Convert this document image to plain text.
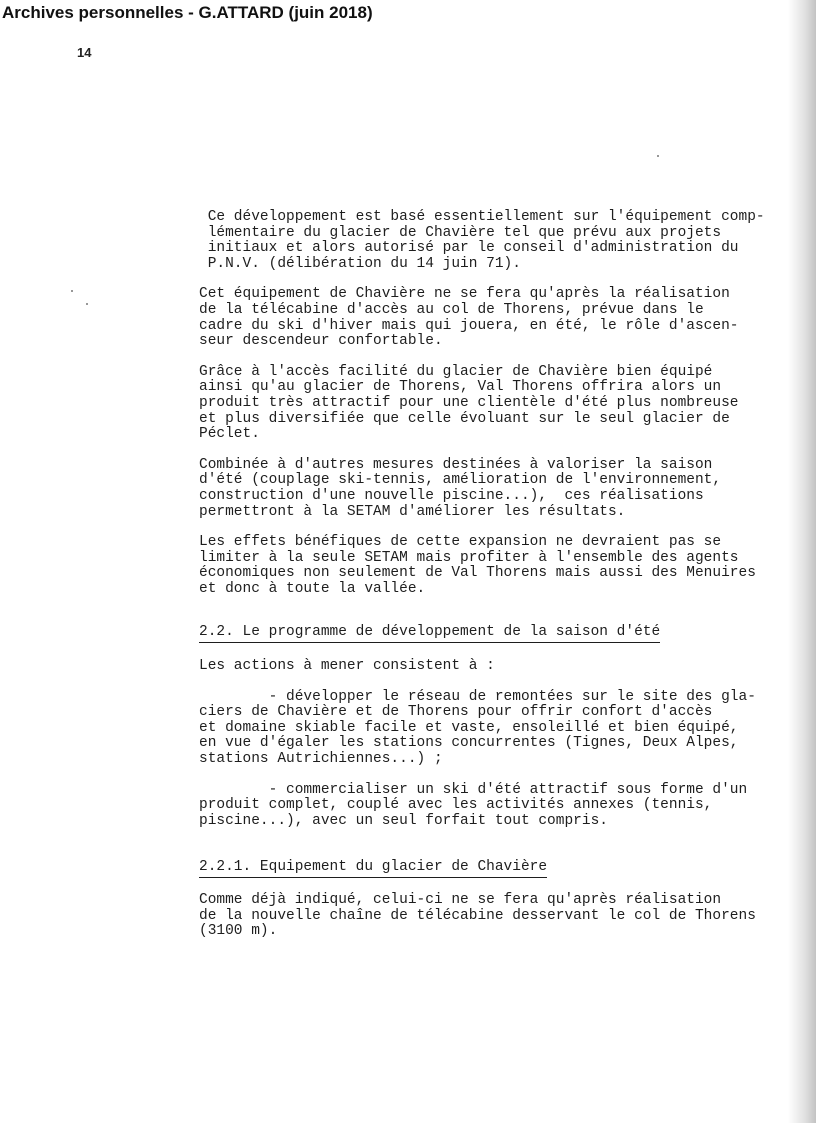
Archives personnelles - G.ATTARD (juin 2018)
14
Ce développement est basé essentiellement sur l'équipement comp-
lémentaire du glacier de Chavière tel que prévu aux projets
initiaux et alors autorisé par le conseil d'administration du
P.N.V. (délibération du 14 juin 71).
Cet équipement de Chavière ne se fera qu'après la réalisation
de la télécabine d'accès au col de Thorens, prévue dans le
cadre du ski d'hiver mais qui jouera, en été, le rôle d'ascen-
seur descendeur confortable.
Grâce à l'accès facilité du glacier de Chavière bien équipé
ainsi qu'au glacier de Thorens, Val Thorens offrira alors un
produit très attractif pour une clientèle d'été plus nombreuse
et plus diversifiée que celle évoluant sur le seul glacier de
Péclet.
Combinée à d'autres mesures destinées à valoriser la saison
d'été (couplage ski-tennis, amélioration de l'environnement,
construction d'une nouvelle piscine...),  ces réalisations
permettront à la SETAM d'améliorer les résultats.
Les effets bénéfiques de cette expansion ne devraient pas se
limiter à la seule SETAM mais profiter à l'ensemble des agents
économiques non seulement de Val Thorens mais aussi des Menuires
et donc à toute la vallée.
2.2. Le programme de développement de la saison d'été
Les actions à mener consistent à :
- développer le réseau de remontées sur le site des gla-
ciers de Chavière et de Thorens pour offrir confort d'accès
et domaine skiable facile et vaste, ensoleillé et bien équipé,
en vue d'égaler les stations concurrentes (Tignes, Deux Alpes,
stations Autrichiennes...) ;
- commercialiser un ski d'été attractif sous forme d'un
produit complet, couplé avec les activités annexes (tennis,
piscine...), avec un seul forfait tout compris.
2.2.1. Equipement du glacier de Chavière
Comme déjà indiqué, celui-ci ne se fera qu'après réalisation
de la nouvelle chaîne de télécabine desservant le col de Thorens
(3100 m).
